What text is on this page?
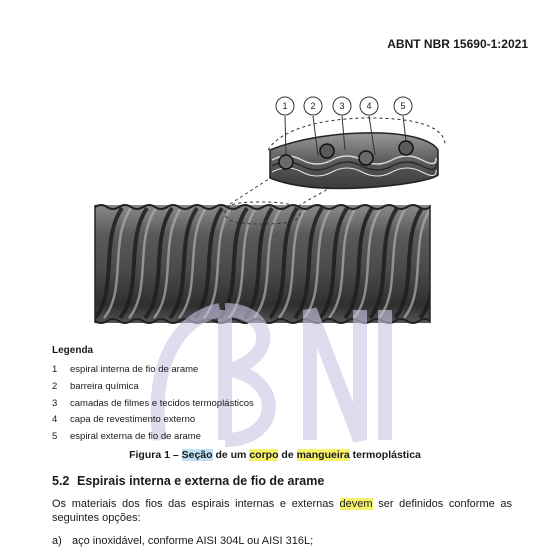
ABNT NBR 15690-1:2021
1	2	3 4	5
Legenda
1 espiral interna de fio de arame
2 barreira química
3 camadas de filmes e tecidos termoplásticos
4 capa de revestimento externo
5 espiral externa de fio de arame
Figura 1 – Seção de um corpo de mangueira termoplástica
5.2 Espirais interna e externa de fio de arame
Os materiais dos fios das espirais internas e externas devem ser definidos conforme as seguintes opções:
a) aço inoxidável, conforme AISI 304L ou AISI 316L;
